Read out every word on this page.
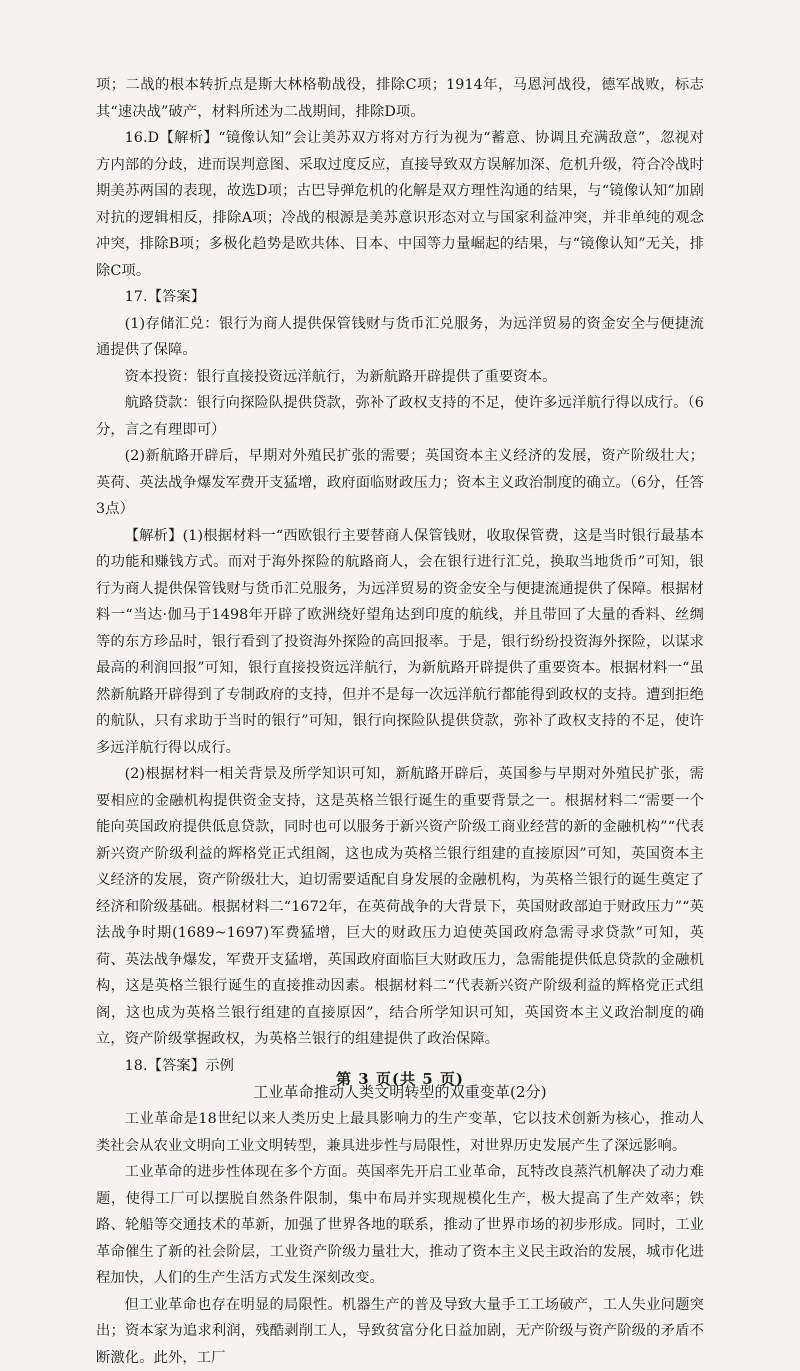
项；二战的根本转折点是斯大林格勒战役，排除C项；1914年，马恩河战役，德军战败，标志其“速决战”破产，材料所述为二战期间，排除D项。

16.D【解析】“镜像认知”会让美苏双方将对方行为视为“蓄意、协调且充满敌意”，忽视对方内部的分歧，进而误判意图、采取过度反应，直接导致双方误解加深、危机升级，符合冷战时期美苏两国的表现，故选D项；古巴导弹危机的化解是双方理性沟通的结果，与“镜像认知”加剧对抗的逻辑相反，排除A项；冷战的根源是美苏意识形态对立与国家利益冲突，并非单纯的观念冲突，排除B项；多极化趋势是欧共体、日本、中国等力量崛起的结果，与“镜像认知”无关，排除C项。

17.【答案】

(1)存储汇兑：银行为商人提供保管钱财与货币汇兑服务，为远洋贸易的资金安全与便捷流通提供了保障。

资本投资：银行直接投资远洋航行，为新航路开辟提供了重要资本。

航路贷款：银行向探险队提供贷款，弥补了政权支持的不足，使许多远洋航行得以成行。（6分，言之有理即可）

(2)新航路开辟后，早期对外殖民扩张的需要；英国资本主义经济的发展，资产阶级壮大；英荷、英法战争爆发军费开支猛增，政府面临财政压力；资本主义政治制度的确立。（6分，任答3点）

【解析】(1)根据材料一“西欧银行主要替商人保管钱财，收取保管费，这是当时银行最基本的功能和赚钱方式。而对于海外探险的航路商人，会在银行进行汇兑，换取当地货币”可知，银行为商人提供保管钱财与货币汇兑服务，为远洋贸易的资金安全与便捷流通提供了保障。根据材料一“当达·伽马于1498年开辟了欧洲绕好望角达到印度的航线，并且带回了大量的香料、丝绸等的东方珍品时，银行看到了投资海外探险的高回报率。于是，银行纷纷投资海外探险，以谋求最高的利润回报”可知，银行直接投资远洋航行，为新航路开辟提供了重要资本。根据材料一“虽然新航路开辟得到了专制政府的支持，但并不是每一次远洋航行都能得到政权的支持。遭到拒绝的航队，只有求助于当时的银行”可知，银行向探险队提供贷款，弥补了政权支持的不足，使许多远洋航行得以成行。

(2)根据材料一相关背景及所学知识可知，新航路开辟后，英国参与早期对外殖民扩张，需要相应的金融机构提供资金支持，这是英格兰银行诞生的重要背景之一。根据材料二“需要一个能向英国政府提供低息贷款，同时也可以服务于新兴资产阶级工商业经营的新的金融机构”“代表新兴资产阶级利益的辉格党正式组阁，这也成为英格兰银行组建的直接原因”可知，英国资本主义经济的发展，资产阶级壮大，迫切需要适配自身发展的金融机构，为英格兰银行的诞生奠定了经济和阶级基础。根据材料二“1672年，在英荷战争的大背景下，英国财政部迫于财政压力”“英法战争时期(1689~1697)军费猛增，巨大的财政压力迫使英国政府急需寻求贷款”可知，英荷、英法战争爆发，军费开支猛增，英国政府面临巨大财政压力，急需能提供低息贷款的金融机构，这是英格兰银行诞生的直接推动因素。根据材料二“代表新兴资产阶级利益的辉格党正式组阁，这也成为英格兰银行组建的直接原因”，结合所学知识可知，英国资本主义政治制度的确立，资产阶级掌握政权，为英格兰银行的组建提供了政治保障。

18.【答案】示例

工业革命推动人类文明转型的双重变革(2分)

工业革命是18世纪以来人类历史上最具影响力的生产变革，它以技术创新为核心，推动人类社会从农业文明向工业文明转型，兼具进步性与局限性，对世界历史发展产生了深远影响。

工业革命的进步性体现在多个方面。英国率先开启工业革命，瓦特改良蒸汽机解决了动力难题，使得工厂可以摆脱自然条件限制，集中布局并实现规模化生产，极大提高了生产效率；铁路、轮船等交通技术的革新，加强了世界各地的联系，推动了世界市场的初步形成。同时，工业革命催生了新的社会阶层，工业资产阶级力量壮大，推动了资本主义民主政治的发展，城市化进程加快，人们的生产生活方式发生深刻改变。

但工业革命也存在明显的局限性。机器生产的普及导致大量手工工场破产，工人失业问题突出；资本家为追求利润，残酷剥削工人，导致贫富分化日益加剧，无产阶级与资产阶级的矛盾不断激化。此外，工厂

第 3 页(共 5 页)
